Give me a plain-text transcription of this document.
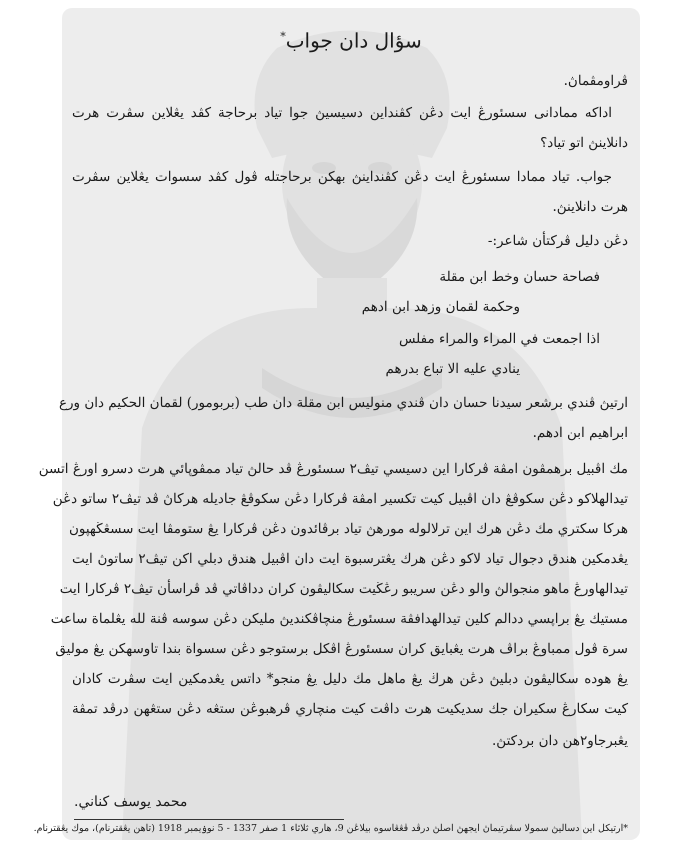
سؤال دان جواب*
ڤراومڤماڽ.
اداكه ممادانى سسئورڠ ايت دڠن كڤنداين دسيسيڽ جوا تياد برحاجة كڤد يڠلاين سڤرت هرت
دانلاينڽ اتو تياد؟
جواب. تياد ممادا سسئورڠ ايت دڠن كڤنداينڽ بهکن برحاجتله ڤول كڤد سسوات يڠلاين سڤرت
هرت دانلاينڽ.
دڠن دليل ڤركتأن شاعر:-
فصاحة حسان وخط ابن مقلة
وحكمة لقمان وزهد ابن ادهم
اذا اجمعت في المراء والمراء مفلس
ينادي عليه الا تباع بدرهم
ارتيڽ ڤندي برشعر سيدنا حسان دان ڤندي منوليس ابن مقلة دان طب (بربومور) لقمان الحكيم دان ورع
ابراهيم ابن ادهم.
مك اڤبيل برهمڤون امڤة ڤركارا اين دسيسي تيڤ٢ سسئورڠ ڤد حالڽ تياد ممڤوڽائي هرت دسرو اورڠ اتسن
تيدالهلاكو دڠن سكوڤڠ دان اڤبيل كيت تكسير امڤة ڤركارا دڠن سكوڤڠ جاديله هركاڽ ڤد تيڤ٢ ساتو دڠن
هركا سكتري مك دڠن هرك اين ترلالوله مورهڽ تياد برڤائدون دڠن ڤركارا يڠ ستومڤا ايت سسڠڬهڽون
يڠدمكين هندق دجوال تياد لاكو دڠن هرك يڠترسبوة ايت دان اڤبيل هندق دبلي اكن تيڤ٢ ساتوڽ ايت
تيدالهاورڠ ماهو منجوالڽ والو دڠن سريبو رڠڬيت سكاليڤون كران دداڤاتي ڤد ڤراسأن تيڤ٢ ڤركارا ايت
مستيك يڠ براڽسي ددالم كلين تيدالهدافڤة سسئورڠ منچاڤكنديڽ مليكن دڠن سوسه ڤنة لله يڠلماة ساعت
سرة ڤول ممباوڠ براڤ هرت يڠبايق كران سسئورڠ اڤكل برستوجو دڠن سسواة بندا تاوسهكن يڠ موليق
يڠ هوده سكاليڤون دبليڽ دڠن هرڬ يڠ ماهل مك دليل يڠ منجو* داتس يڠدمكين ايت سڤرت كادان
كيت سكارڠ سكيران جك سديكيت هرت داڤت كيت منچاري ڤرهبوڠن ستڠه دڠن ستڠهن درڤد تمڤة
يڠبرجاو٢هن دان بردكتڽ.
محمد يوسف كناني.
*ارتيكل اين دساليڽ سمولا سڤرتيماڽ ايجهڽ اصلڽ درڤد ڤڠڠاسوه بيلاڠن 9، هاري ثلاثاء 1 صفر 1337 - 5 نوۏيمبر 1918 (تاهن يڠقترنام)، موك يڠقترنام.
